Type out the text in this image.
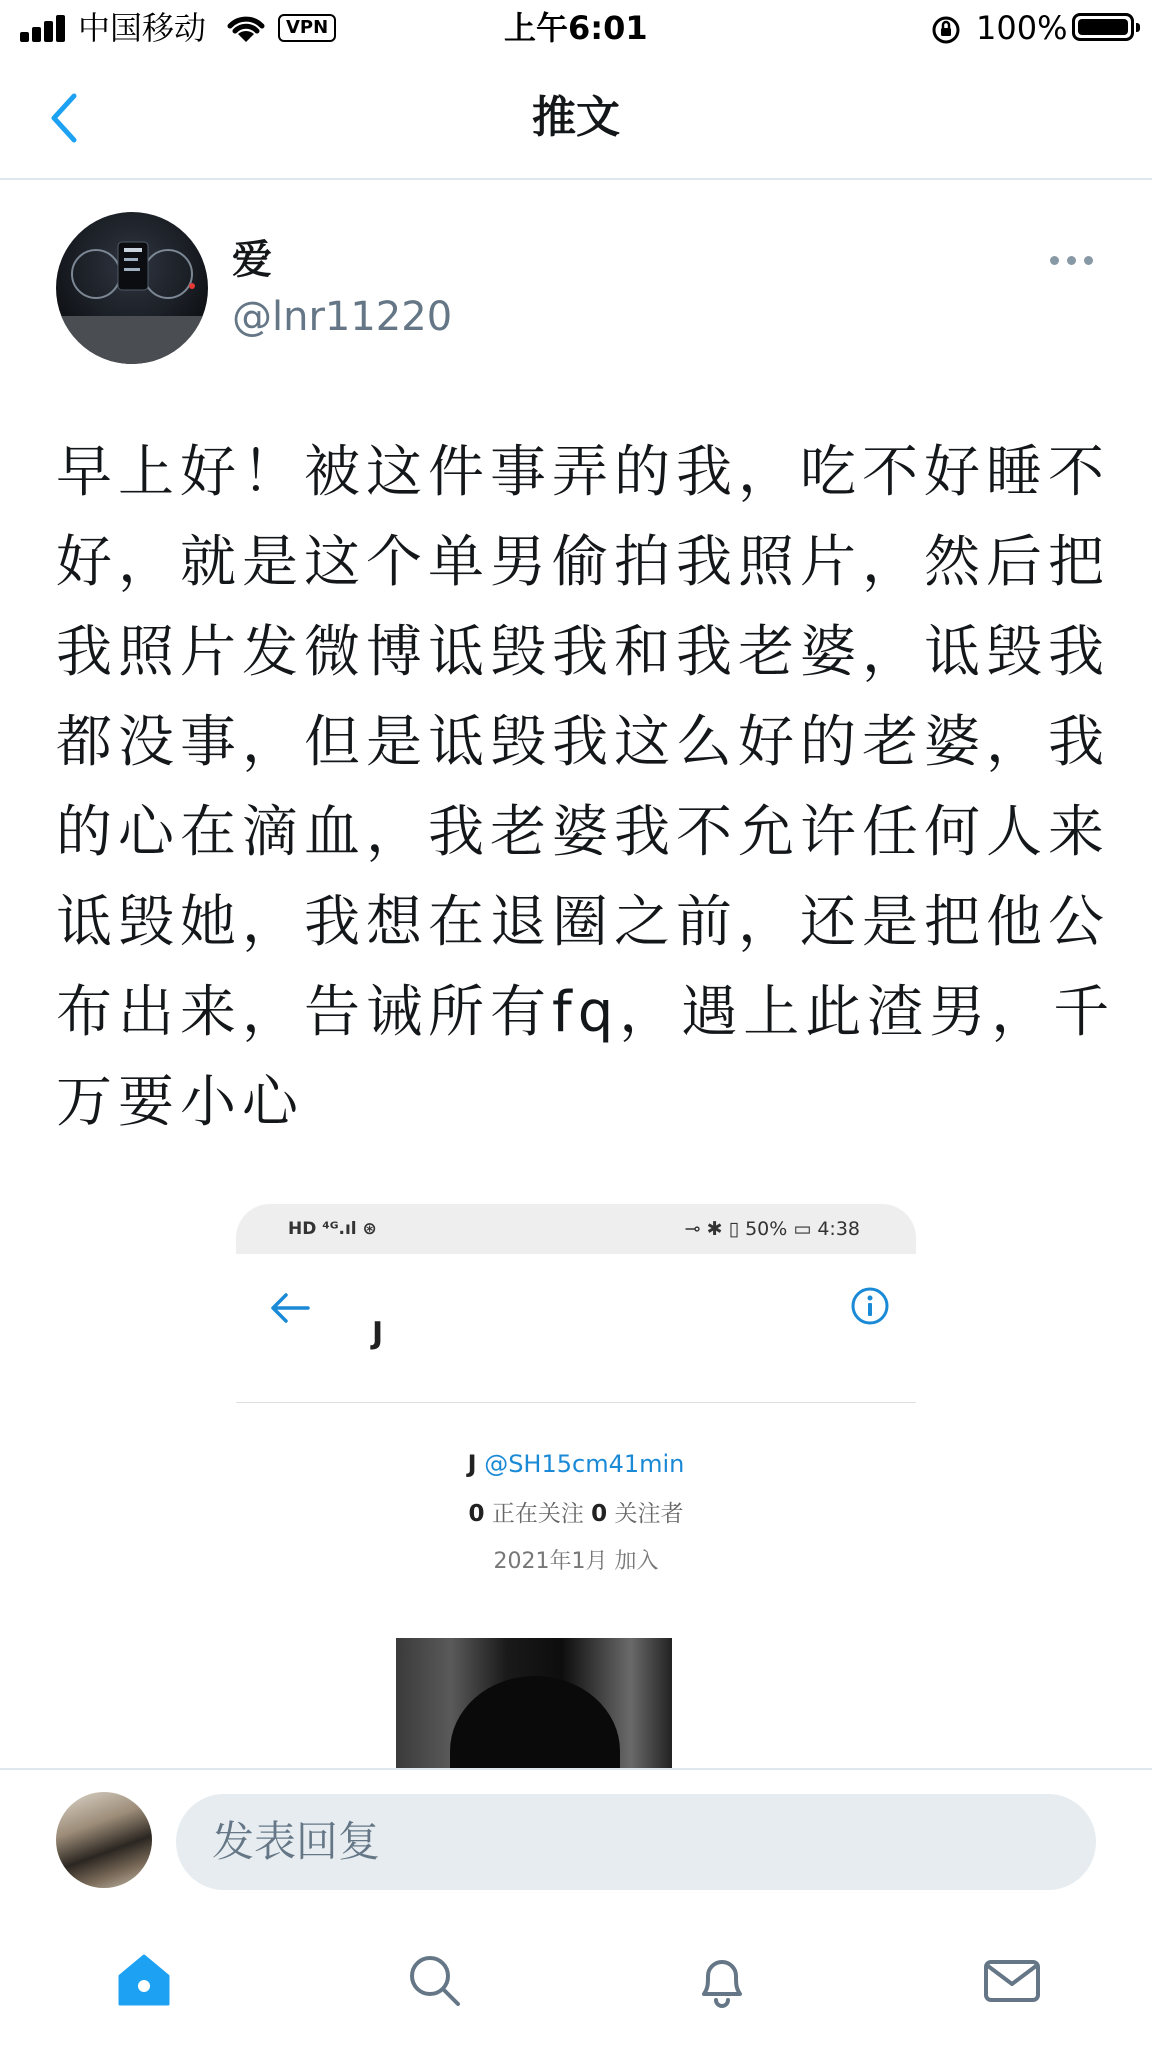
中国移动	VPN	上午6:01	100%
推文
爱
@lnr11220
早上好！被这件事弄的我，吃不好睡不好，就是这个单男偷拍我照片，然后把我照片发微博诋毁我和我老婆，诋毁我都没事，但是诋毁我这么好的老婆，我的心在滴血，我老婆我不允许任何人来诋毁她，我想在退圈之前，还是把他公布出来，告诫所有fq，遇上此渣男，千万要小心
HD ⁴ᴳ.ıl ⊛	⊸ ✱ ▯ 50% ▭ 4:38
J
J @SH15cm41min
0 正在关注 0 关注者
2021年1月 加入
发表回复
